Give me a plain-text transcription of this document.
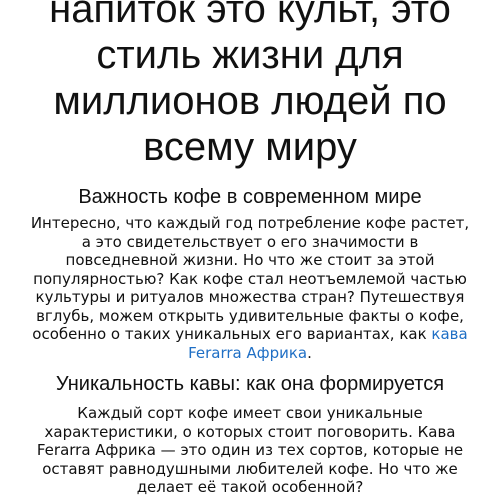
напиток это культ, это
стиль жизни для
миллионов людей по
всему миру
Важность кофе в современном мире

Интересно, что каждый год потребление кофе растет,
а это свидетельствует о его значимости в
повседневной жизни. Но что же стоит за этой
популярностью? Как кофе стал неотъемлемой частью
культуры и ритуалов множества стран? Путешествуя
вглубь, можем открыть удивительные факты о кофе,
особенно о таких уникальных его вариантах, как кава
Ferarra Африка.

Уникальность кавы: как она формируется

Каждый сорт кофе имеет свои уникальные
характеристики, о которых стоит поговорить. Кава
Ferarra Африка — это один из тех сортов, которые не
оставят равнодушными любителей кофе. Но что же
делает её такой особенной?
